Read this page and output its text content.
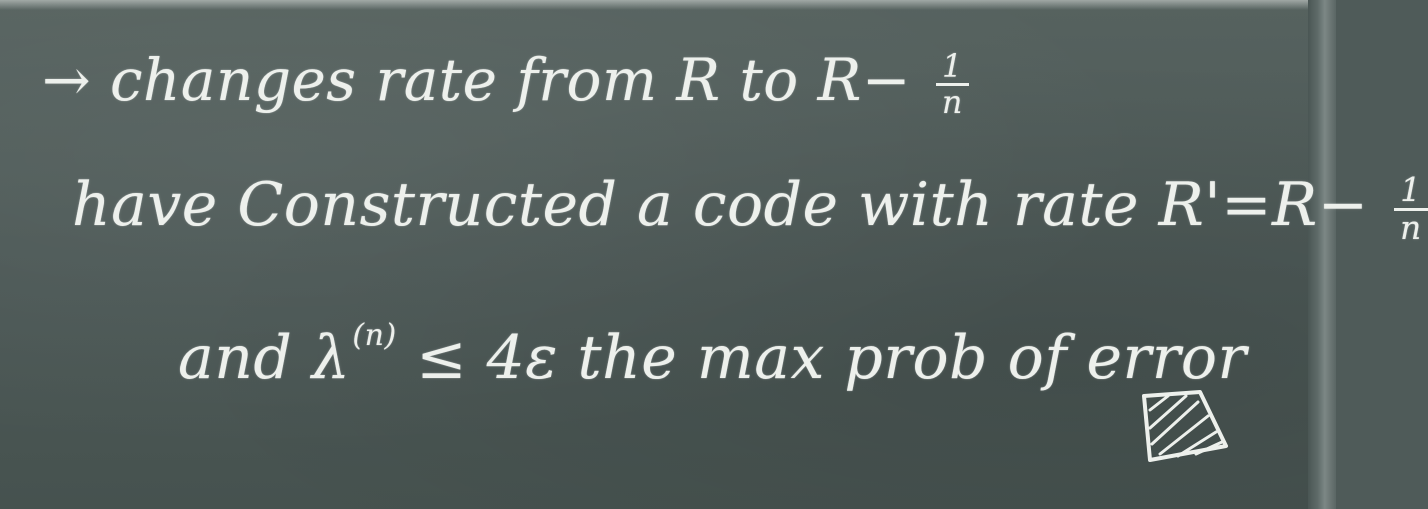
→ changes rate from R to $R- \frac{1}{n}$
have Constructed a code with rate $R'=R- \frac{1}{n}$
and $\lambda^{(n)} \le 4\varepsilon$ the max prob of error
